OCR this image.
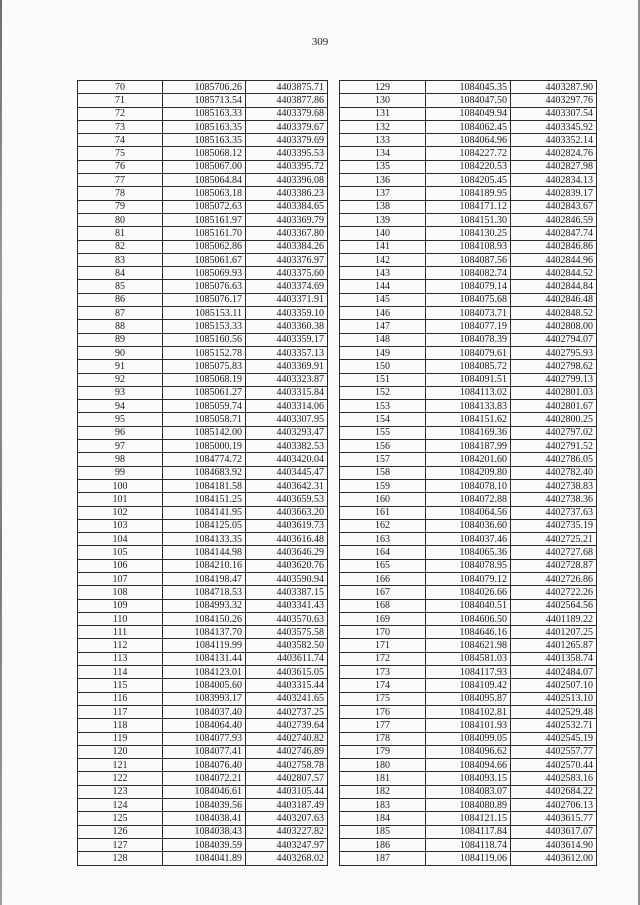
309
70	1085706.26	4403875.71
71	1085713.54	4403877.86
72	1085163.33	4403379.68
73	1085163.35	4403379.67
74	1085163.35	4403379.69
75	1085068.12	4403395.53
76	1085067.00	4403395.72
77	1085064.84	4403396.08
78	1085063.18	4403386.23
79	1085072.63	4403384.65
80	1085161.97	4403369.79
81	1085161.70	4403367.80
82	1085062.86	4403384.26
83	1085061.67	4403376.97
84	1085069.93	4403375.60
85	1085076.63	4403374.69
86	1085076.17	4403371.91
87	1085153.11	4403359.10
88	1085153.33	4403360.38
89	1085160.56	4403359.17
90	1085152.78	4403357.13
91	1085075.83	4403369.91
92	1085068.19	4403323.87
93	1085061.27	4403315.84
94	1085059.74	4403314.06
95	1085058.71	4403307.95
96	1085142.00	4403293.47
97	1085000.19	4403382.53
98	1084774.72	4403420.04
99	1084683.92	4403445.47
100	1084181.58	4403642.31
101	1084151.25	4403659.53
102	1084141.95	4403663.20
103	1084125.05	4403619.73
104	1084133.35	4403616.48
105	1084144.98	4403646.29
106	1084210.16	4403620.76
107	1084198.47	4403590.94
108	1084718.53	4403387.15
109	1084993.32	4403341.43
110	1084150.26	4403570.63
111	1084137.70	4403575.58
112	1084119.99	4403582.50
113	1084131.44	4403611.74
114	1084123.01	4403615.05
115	1084005.60	4403315.44
116	1083993.17	4403241.65
117	1084037.40	4402737.25
118	1084064.40	4402739.64
119	1084077.93	4402740.82
120	1084077.41	4402746.89
121	1084076.40	4402758.78
122	1084072.21	4402807.57
123	1084046.61	4403105.44
124	1084039.56	4403187.49
125	1084038.41	4403207.63
126	1084038.43	4403227.82
127	1084039.59	4403247.97
128	1084041.89	4403268.02
129	1084045.35	4403287.90
130	1084047.50	4403297.76
131	1084049.94	4403307.54
132	1084062.45	4403345.92
133	1084064.96	4403352.14
134	1084227.72	4402824.76
135	1084220.53	4402827.98
136	1084205.45	4402834.13
137	1084189.95	4402839.17
138	1084171.12	4402843.67
139	1084151.30	4402846.59
140	1084130.25	4402847.74
141	1084108.93	4402846.86
142	1084087.56	4402844.96
143	1084082.74	4402844.52
144	1084079.14	4402844.84
145	1084075.68	4402846.48
146	1084073.71	4402848.52
147	1084077.19	4402808.00
148	1084078.39	4402794.07
149	1084079.61	4402795.93
150	1084085.72	4402798.62
151	1084091.51	4402799.13
152	1084113.02	4402801.03
153	1084133.83	4402801.67
154	1084151.62	4402800.25
155	1084169.36	4402797.02
156	1084187.99	4402791.52
157	1084201.60	4402786.05
158	1084209.80	4402782.40
159	1084078.10	4402738.83
160	1084072.88	4402738.36
161	1084064.56	4402737.63
162	1084036.60	4402735.19
163	1084037.46	4402725.21
164	1084065.36	4402727.68
165	1084078.95	4402728.87
166	1084079.12	4402726.86
167	1084026.66	4402722.26
168	1084040.51	4402564.56
169	1084606.50	4401189.22
170	1084646.16	4401207.25
171	1084621.98	4401265.87
172	1084581.03	4401358.74
173	1084117.93	4402484.07
174	1084109.42	4402507.10
175	1084095.87	4402513.10
176	1084102.81	4402529.48
177	1084101.93	4402532.71
178	1084099.05	4402545.19
179	1084096.62	4402557.77
180	1084094.66	4402570.44
181	1084093.15	4402583.16
182	1084083.07	4402684.22
183	1084080.89	4402706.13
184	1084121.15	4403615.77
185	1084117.84	4403617.07
186	1084118.74	4403614.90
187	1084119.06	4403612.00
